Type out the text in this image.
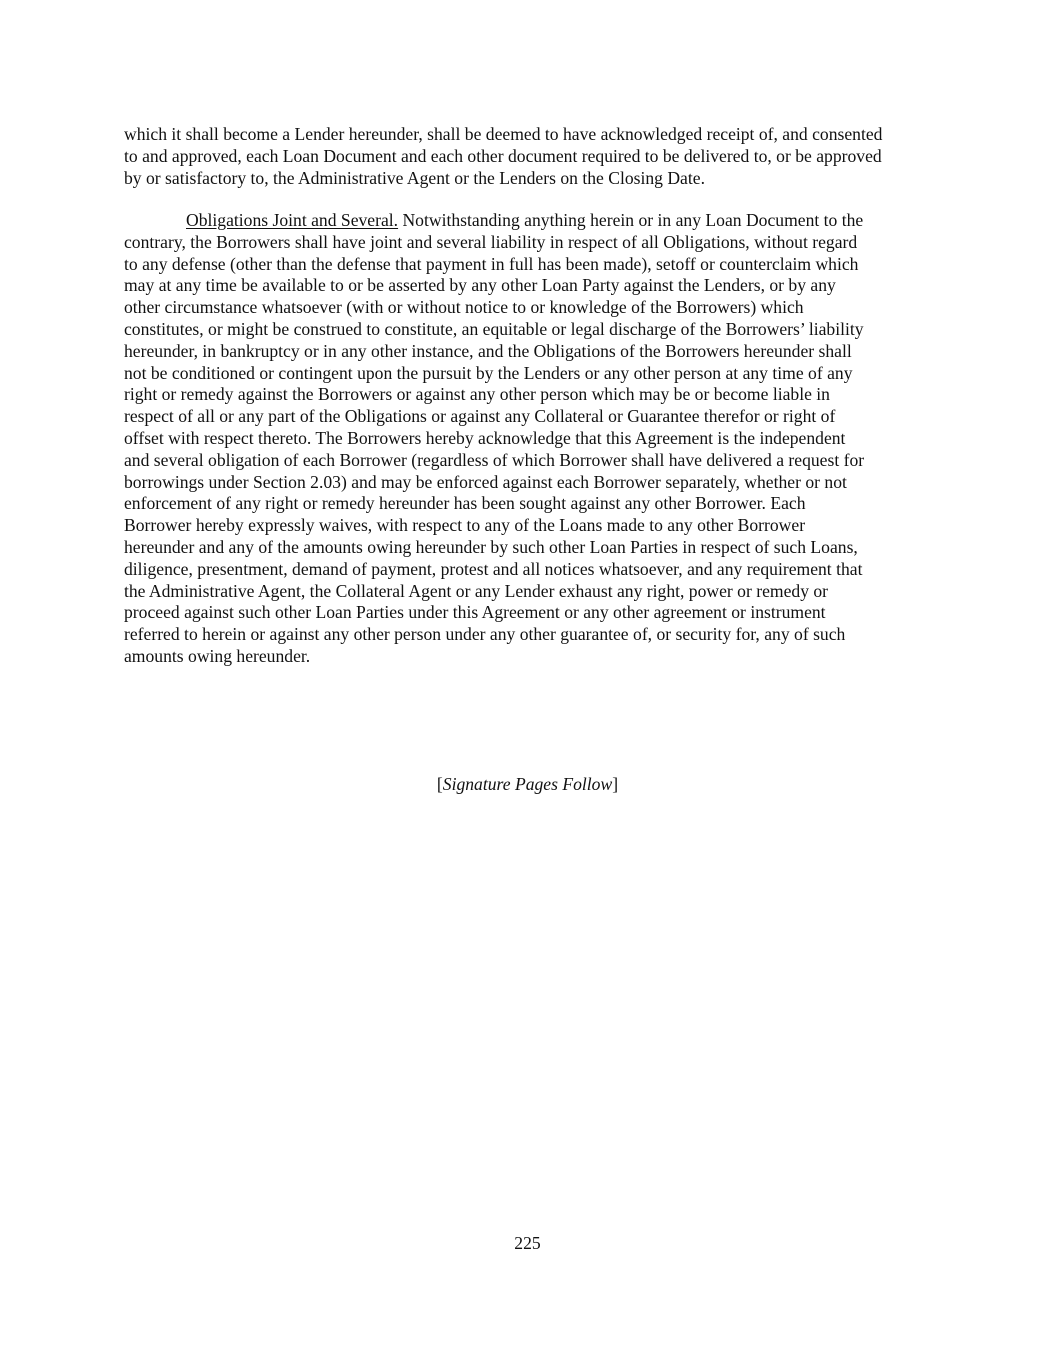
which it shall become a Lender hereunder, shall be deemed to have acknowledged receipt of, and consented
to and approved, each Loan Document and each other document required to be delivered to, or be approved
by or satisfactory to, the Administrative Agent or the Lenders on the Closing Date.

Obligations Joint and Several. Notwithstanding anything herein or in any Loan Document to the
contrary, the Borrowers shall have joint and several liability in respect of all Obligations, without regard
to any defense (other than the defense that payment in full has been made), setoff or counterclaim which
may at any time be available to or be asserted by any other Loan Party against the Lenders, or by any
other circumstance whatsoever (with or without notice to or knowledge of the Borrowers) which
constitutes, or might be construed to constitute, an equitable or legal discharge of the Borrowers’ liability
hereunder, in bankruptcy or in any other instance, and the Obligations of the Borrowers hereunder shall
not be conditioned or contingent upon the pursuit by the Lenders or any other person at any time of any
right or remedy against the Borrowers or against any other person which may be or become liable in
respect of all or any part of the Obligations or against any Collateral or Guarantee therefor or right of
offset with respect thereto. The Borrowers hereby acknowledge that this Agreement is the independent
and several obligation of each Borrower (regardless of which Borrower shall have delivered a request for
borrowings under Section 2.03) and may be enforced against each Borrower separately, whether or not
enforcement of any right or remedy hereunder has been sought against any other Borrower. Each
Borrower hereby expressly waives, with respect to any of the Loans made to any other Borrower
hereunder and any of the amounts owing hereunder by such other Loan Parties in respect of such Loans,
diligence, presentment, demand of payment, protest and all notices whatsoever, and any requirement that
the Administrative Agent, the Collateral Agent or any Lender exhaust any right, power or remedy or
proceed against such other Loan Parties under this Agreement or any other agreement or instrument
referred to herein or against any other person under any other guarantee of, or security for, any of such
amounts owing hereunder.

[Signature Pages Follow]
225
